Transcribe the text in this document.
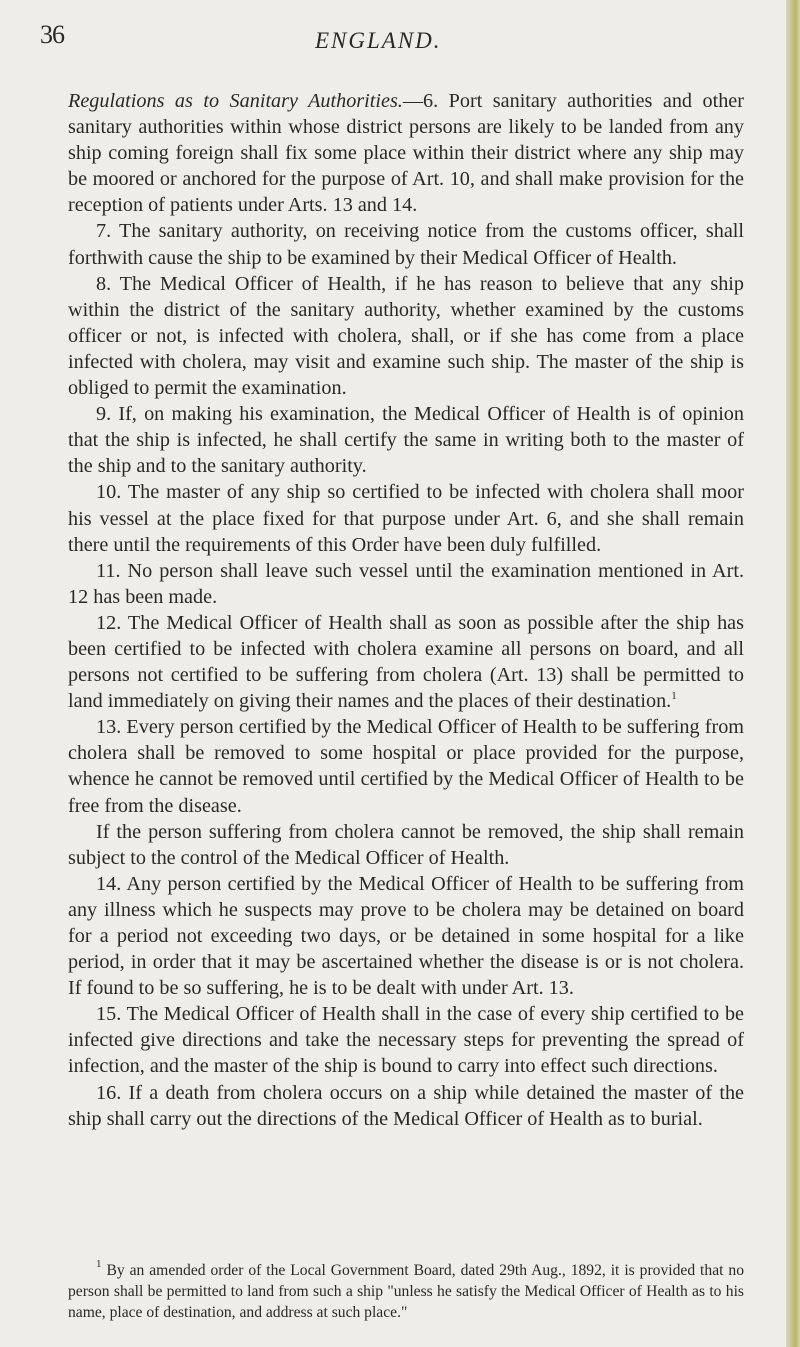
36	ENGLAND.

Regulations as to Sanitary Authorities.—6. Port sanitary authorities and other sanitary authorities within whose district persons are likely to be landed from any ship coming foreign shall fix some place within their district where any ship may be moored or anchored for the purpose of Art. 10, and shall make provision for the reception of patients under Arts. 13 and 14.

7. The sanitary authority, on receiving notice from the customs officer, shall forthwith cause the ship to be examined by their Medical Officer of Health.

8. The Medical Officer of Health, if he has reason to believe that any ship within the district of the sanitary authority, whether examined by the customs officer or not, is infected with cholera, shall, or if she has come from a place infected with cholera, may visit and examine such ship. The master of the ship is obliged to permit the examination.

9. If, on making his examination, the Medical Officer of Health is of opinion that the ship is infected, he shall certify the same in writing both to the master of the ship and to the sanitary authority.

10. The master of any ship so certified to be infected with cholera shall moor his vessel at the place fixed for that purpose under Art. 6, and she shall remain there until the requirements of this Order have been duly fulfilled.

11. No person shall leave such vessel until the examination mentioned in Art. 12 has been made.

12. The Medical Officer of Health shall as soon as possible after the ship has been certified to be infected with cholera examine all persons on board, and all persons not certified to be suffering from cholera (Art. 13) shall be permitted to land immediately on giving their names and the places of their destination.$^1$

13. Every person certified by the Medical Officer of Health to be suffering from cholera shall be removed to some hospital or place provided for the purpose, whence he cannot be removed until certified by the Medical Officer of Health to be free from the disease.

If the person suffering from cholera cannot be removed, the ship shall remain subject to the control of the Medical Officer of Health.

14. Any person certified by the Medical Officer of Health to be suffering from any illness which he suspects may prove to be cholera may be detained on board for a period not exceeding two days, or be detained in some hospital for a like period, in order that it may be ascertained whether the disease is or is not cholera. If found to be so suffering, he is to be dealt with under Art. 13.

15. The Medical Officer of Health shall in the case of every ship certified to be infected give directions and take the necessary steps for preventing the spread of infection, and the master of the ship is bound to carry into effect such directions.

16. If a death from cholera occurs on a ship while detained the master of the ship shall carry out the directions of the Medical Officer of Health as to burial.

$^1$ By an amended order of the Local Government Board, dated 29th Aug., 1892, it is provided that no person shall be permitted to land from such a ship "unless he satisfy the Medical Officer of Health as to his name, place of destination, and address at such place."
